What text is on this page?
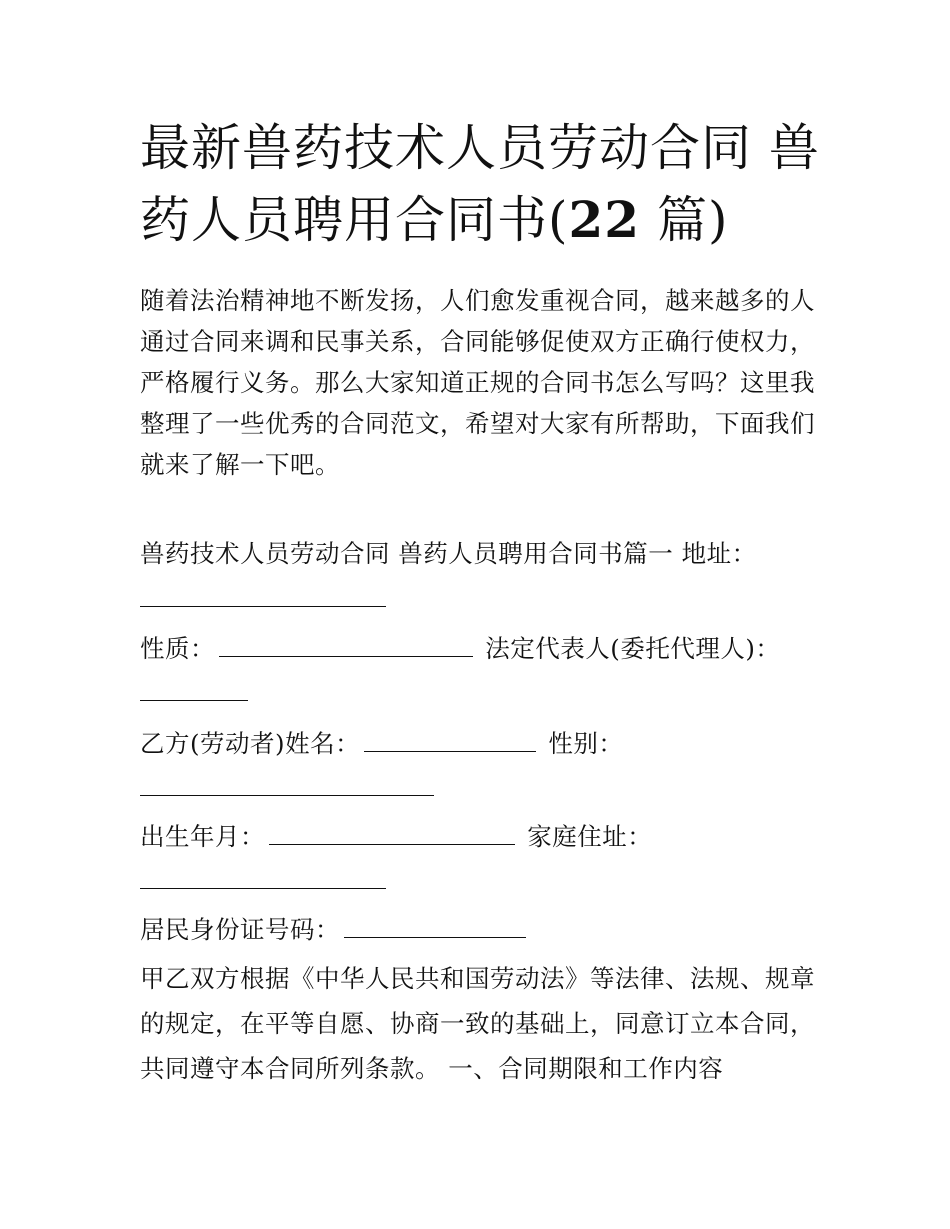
最新兽药技术人员劳动合同 兽药人员聘用合同书(22 篇)

随着法治精神地不断发扬，人们愈发重视合同，越来越多的人通过合同来调和民事关系，合同能够促使双方正确行使权力，严格履行义务。那么大家知道正规的合同书怎么写吗？这里我整理了一些优秀的合同范文，希望对大家有所帮助，下面我们就来了解一下吧。

兽药技术人员劳动合同 兽药人员聘用合同书篇一 地址：
性质：	法定代表人(委托代理人)：
乙方(劳动者)姓名：	性别：
出生年月：	家庭住址：
居民身份证号码：

甲乙双方根据《中华人民共和国劳动法》等法律、法规、规章的规定，在平等自愿、协商一致的基础上，同意订立本合同，共同遵守本合同所列条款。 一、合同期限和工作内容
